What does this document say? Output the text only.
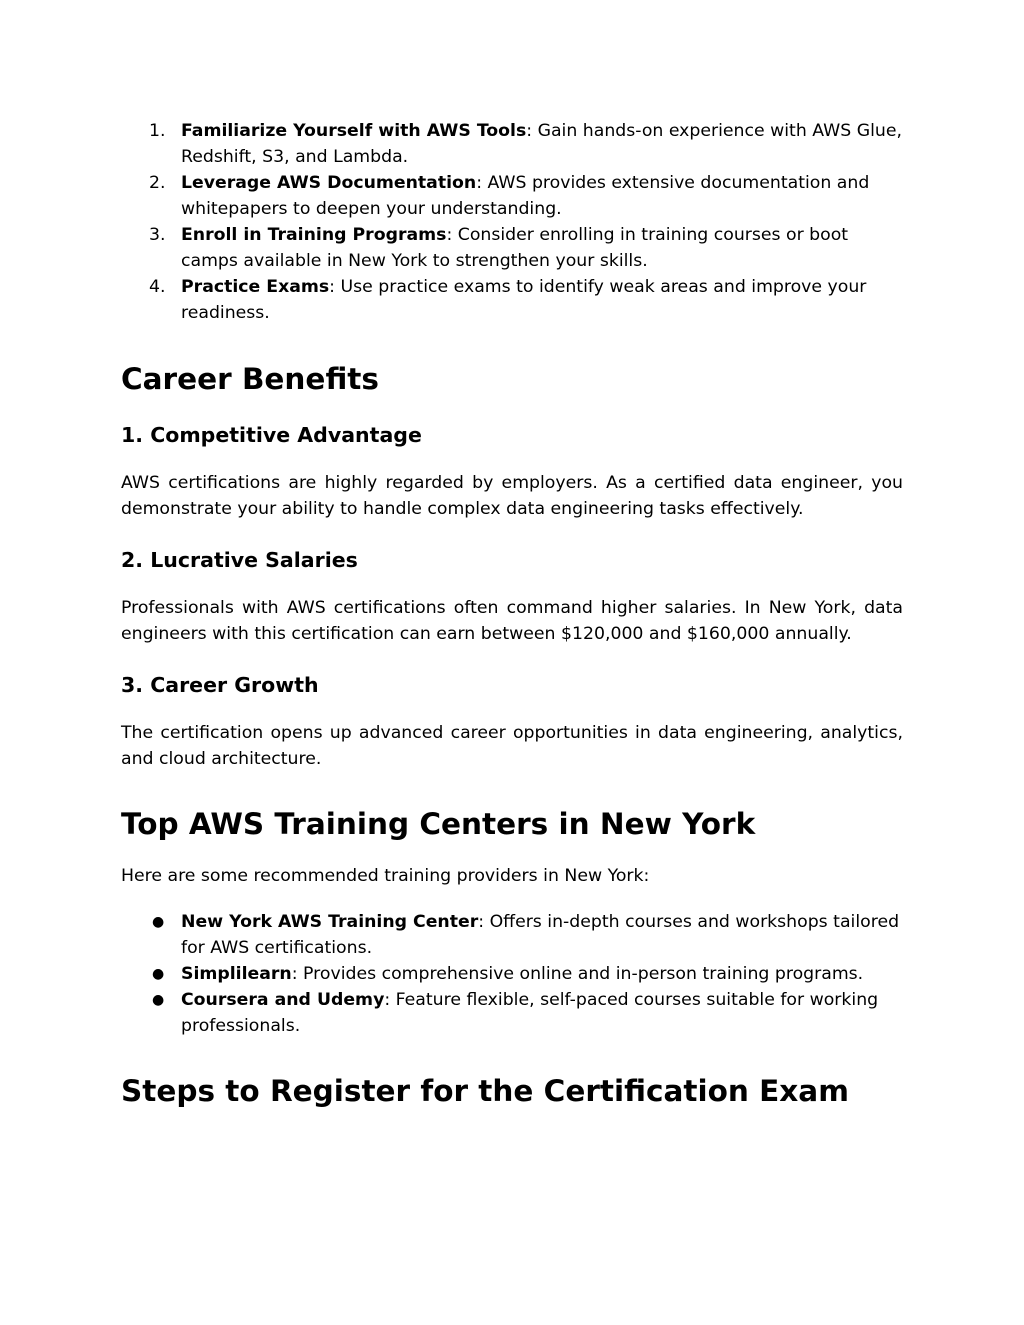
1. Familiarize Yourself with AWS Tools: Gain hands-on experience with AWS Glue, Redshift, S3, and Lambda.
2. Leverage AWS Documentation: AWS provides extensive documentation and whitepapers to deepen your understanding.
3. Enroll in Training Programs: Consider enrolling in training courses or boot camps available in New York to strengthen your skills.
4. Practice Exams: Use practice exams to identify weak areas and improve your readiness.
Career Benefits
1. Competitive Advantage

AWS certifications are highly regarded by employers. As a certified data engineer, you demonstrate your ability to handle complex data engineering tasks effectively.

2. Lucrative Salaries

Professionals with AWS certifications often command higher salaries. In New York, data engineers with this certification can earn between $120,000 and $160,000 annually.

3. Career Growth

The certification opens up advanced career opportunities in data engineering, analytics, and cloud architecture.

Top AWS Training Centers in New York

Here are some recommended training providers in New York:

● New York AWS Training Center: Offers in-depth courses and workshops tailored for AWS certifications.
● Simplilearn: Provides comprehensive online and in-person training programs.
● Coursera and Udemy: Feature flexible, self-paced courses suitable for working professionals.
Steps to Register for the Certification Exam
